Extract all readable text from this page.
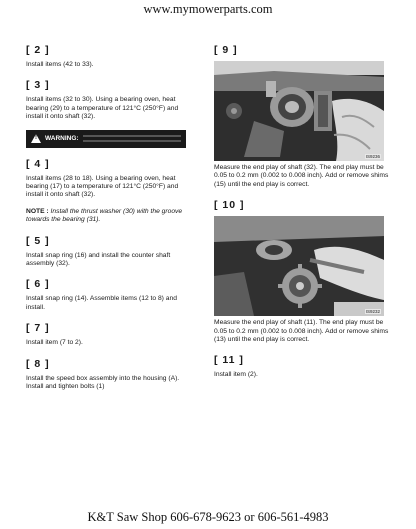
www.mymowerparts.com
[ 2 ]

Install items (42 to 33).

[ 3 ]

Install items (32 to 30). Using a bearing oven, heat bearing (29) to a temperature of 121°C (250°F) and install it onto shaft (32).

! WARNING:
[ 4 ]

Install items (28 to 18). Using a bearing oven, heat bearing (17) to a temperature of 121°C (250°F) and install it onto shaft (32).

NOTE : Install the thrust washer (30) with the groove towards the bearing (31).

[ 5 ]

Install snap ring (16) and install the counter shaft assembly (32).

[ 6 ]

Install snap ring (14). Assemble items (12 to 8) and install.

[ 7 ]

Install item (7 to 2).

[ 8 ]

Install the speed box assembly into the housing (A). Install and tighten bolts (1)

[ 9 ]
IS9236

Measure the end play of shaft (32). The end play must be 0.05 to 0.2 mm (0.002 to 0.008 inch). Add or remove shims (15) until the end play is correct.

[ 10 ]
IS9232

Measure the end play of shaft (11). The end play must be 0.05 to 0.2 mm (0.002 to 0.008 inch). Add or remove shims (13) until the end play is correct.

[ 11 ]

Install item (2).

K&T Saw Shop 606-678-9623 or 606-561-4983
